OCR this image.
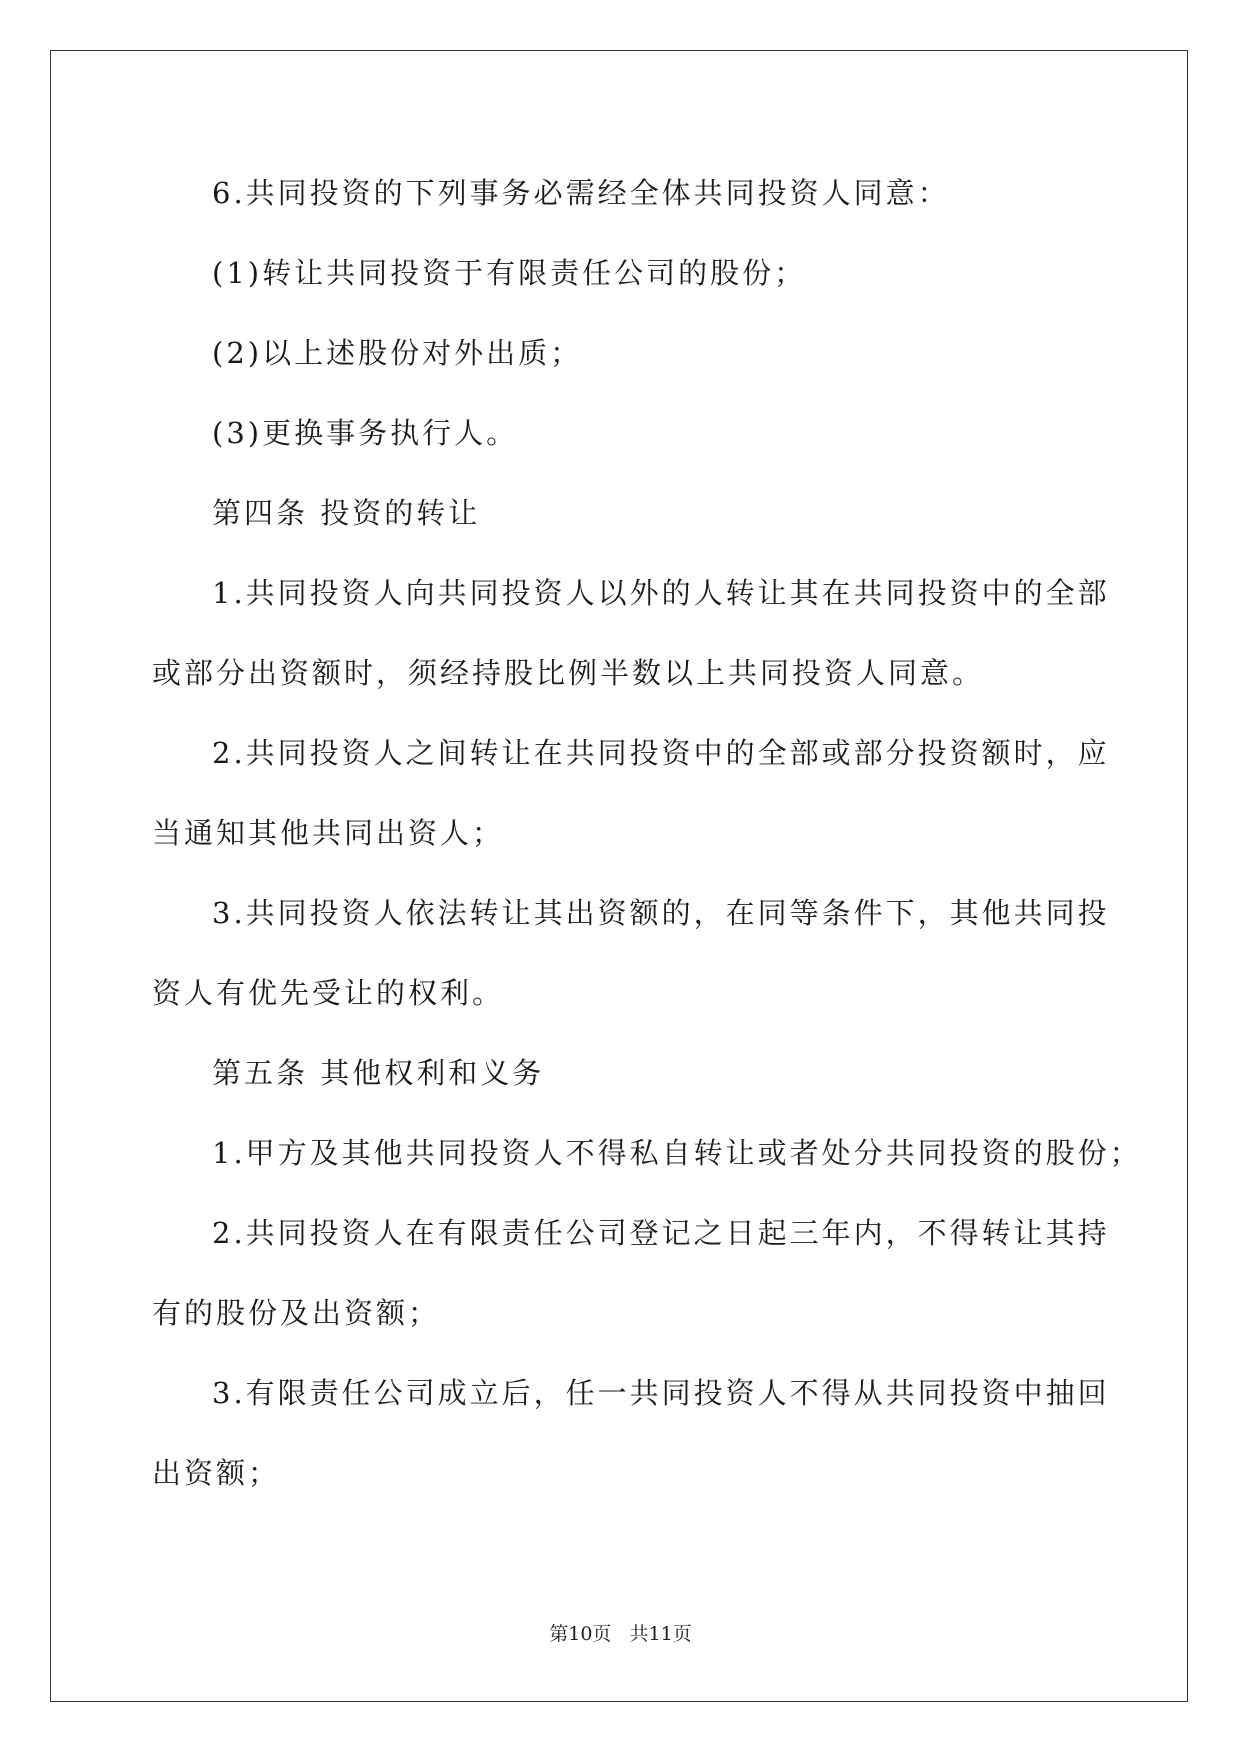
6.共同投资的下列事务必需经全体共同投资人同意：
(1)转让共同投资于有限责任公司的股份；
(2)以上述股份对外出质；
(3)更换事务执行人。
第四条 投资的转让
1.共同投资人向共同投资人以外的人转让其在共同投资中的全部
或部分出资额时，须经持股比例半数以上共同投资人同意。
2.共同投资人之间转让在共同投资中的全部或部分投资额时，应
当通知其他共同出资人；
3.共同投资人依法转让其出资额的，在同等条件下，其他共同投
资人有优先受让的权利。
第五条 其他权利和义务
1.甲方及其他共同投资人不得私自转让或者处分共同投资的股份；
2.共同投资人在有限责任公司登记之日起三年内，不得转让其持
有的股份及出资额；
3.有限责任公司成立后，任一共同投资人不得从共同投资中抽回
出资额；
第10页   共11页
